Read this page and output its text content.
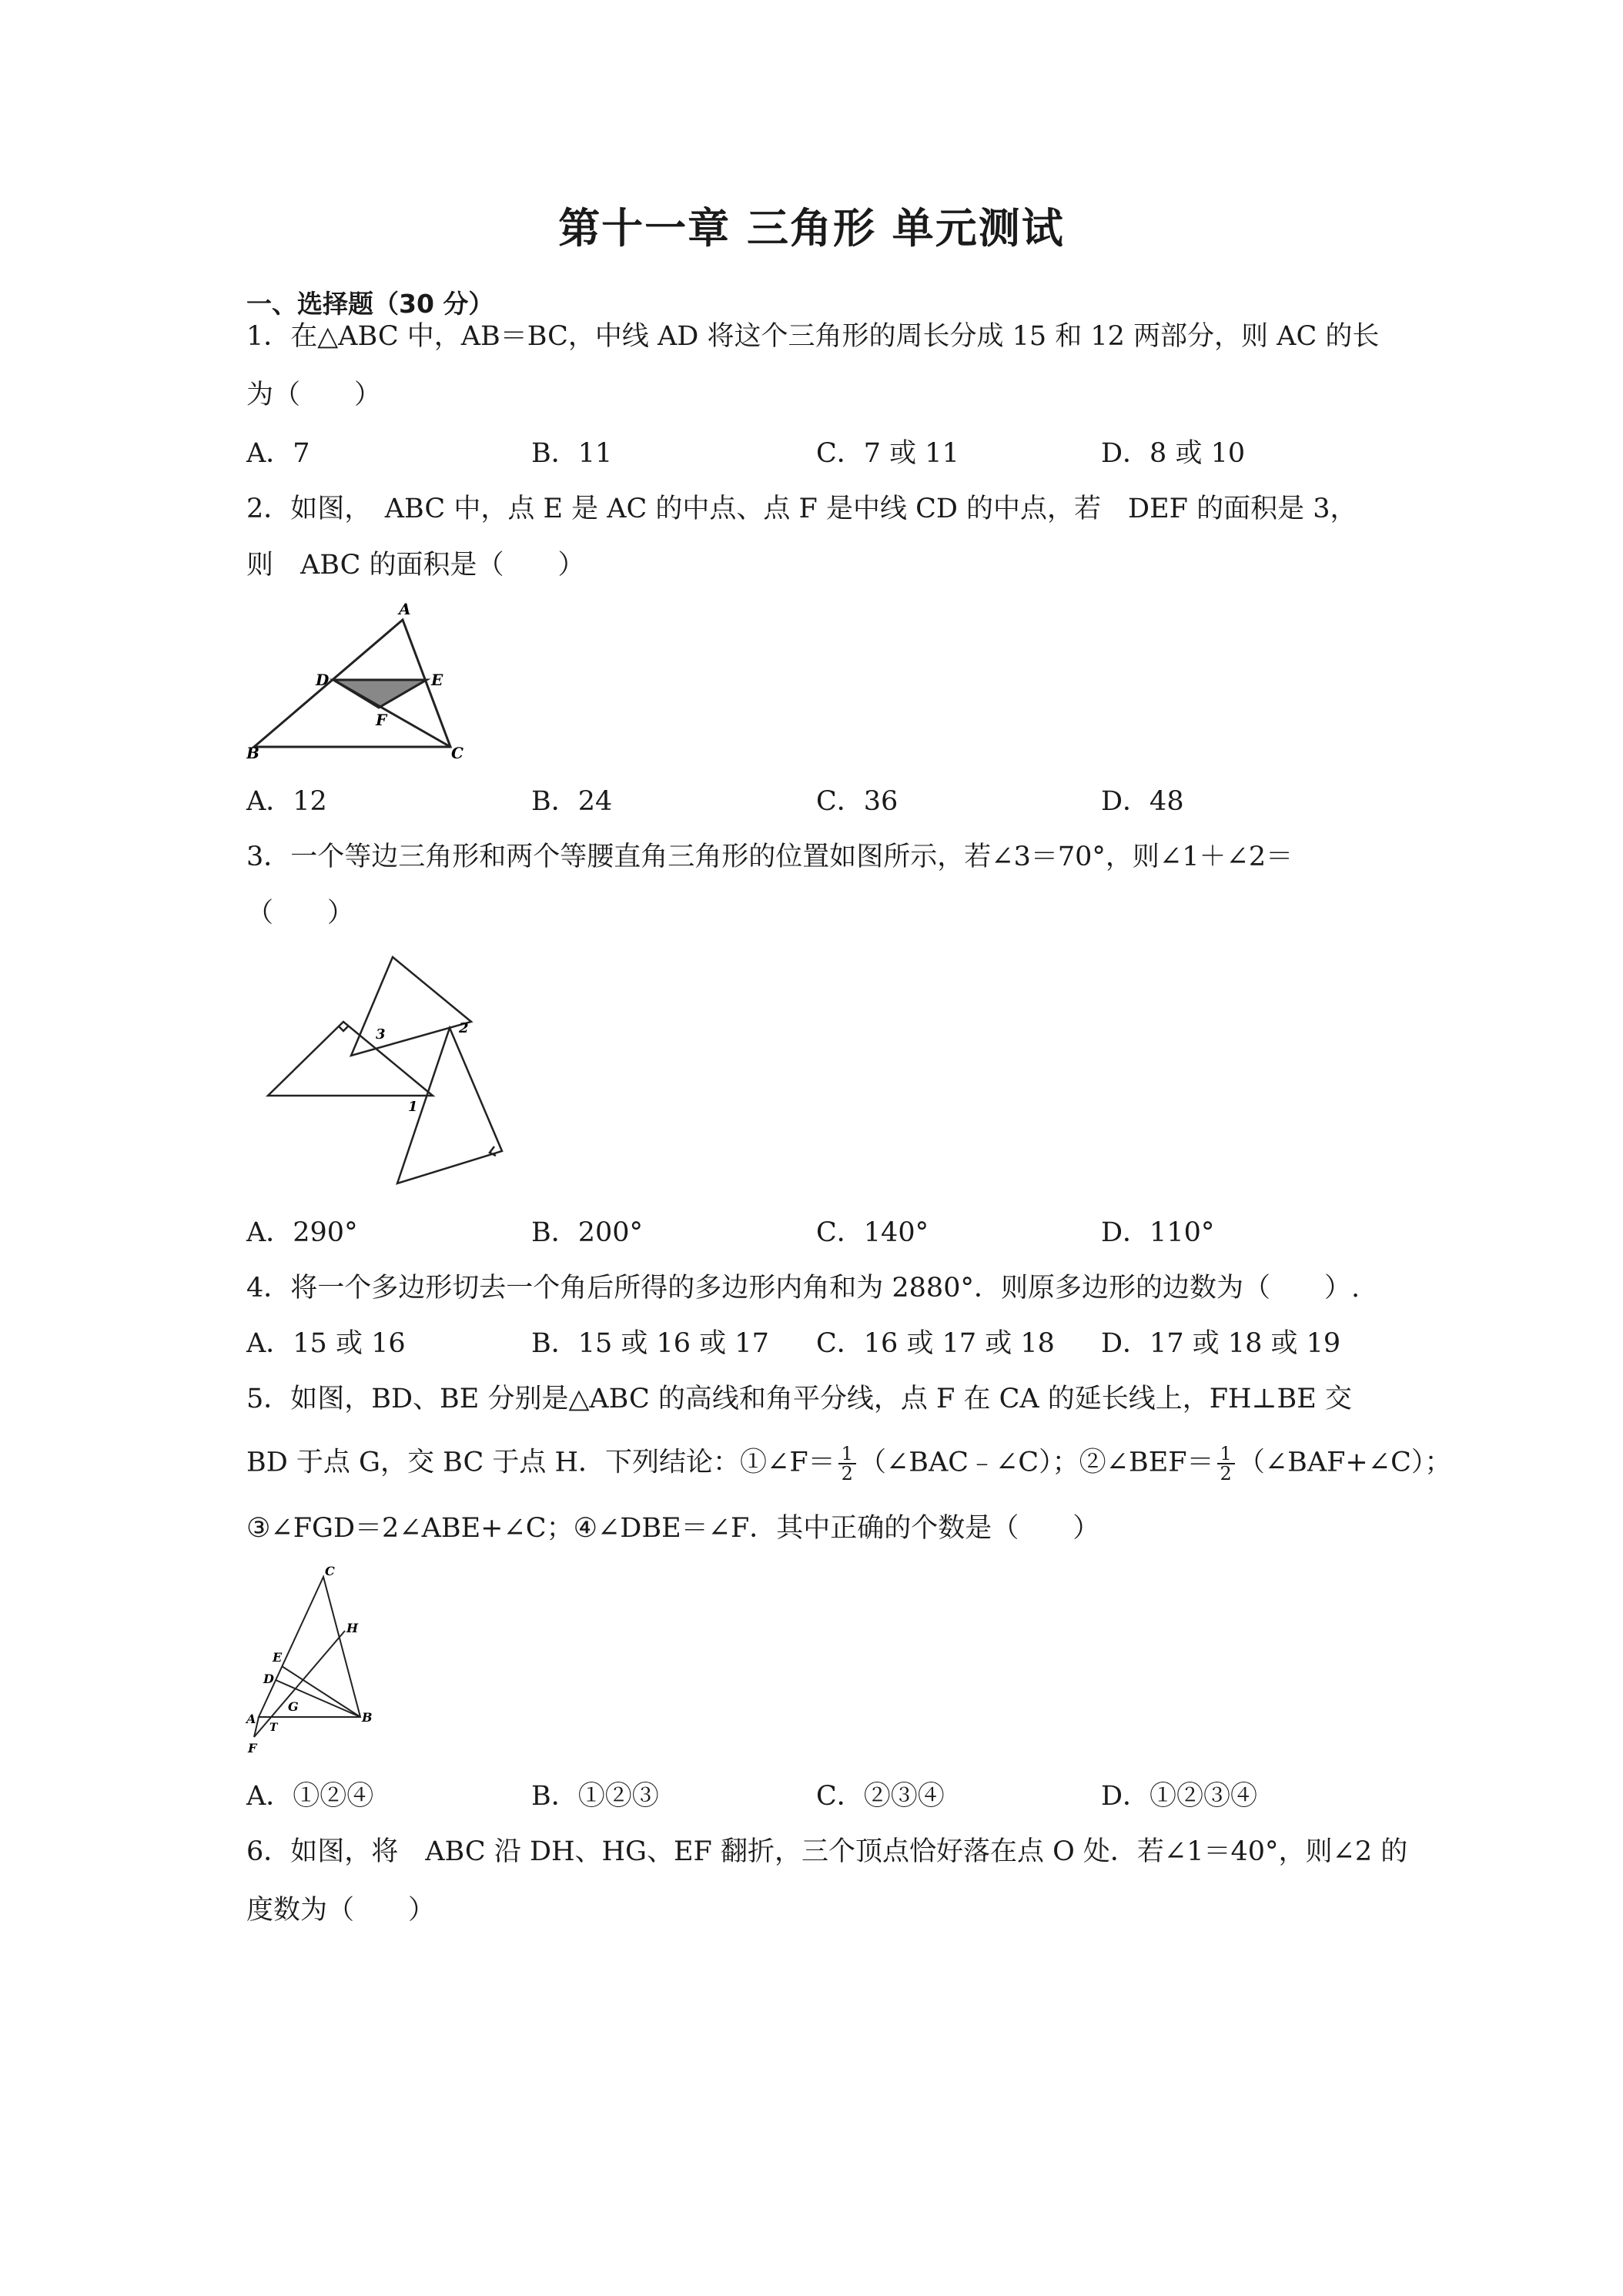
第十一章 三角形 单元测试
一、选择题（30 分）
1．在△ABC 中，AB＝BC，中线 AD 将这个三角形的周长分成 15 和 12 两部分，则 AC 的长
为（　　）
A．7	B．11	C．7 或 11	D．8 或 10
2．如图，　ABC 中，点 E 是 AC 的中点、点 F 是中线 CD 的中点，若　DEF 的面积是 3，
则　ABC 的面积是（　　）
A
D	E
F
B	C
A．12	B．24	C．36	D．48
3．一个等边三角形和两个等腰直角三角形的位置如图所示，若∠3＝70°，则∠1＋∠2＝
（　　）
3	2
1
A．290°	B．200°	C．140°	D．110°
4．将一个多边形切去一个角后所得的多边形内角和为 2880°．则原多边形的边数为（　　）.
A．15 或 16	B．15 或 16 或 17 C．16 或 17 或 18 D．17 或 18 或 19
5．如图，BD、BE 分别是△ABC 的高线和角平分线，点 F 在 CA 的延长线上，FH⊥BE 交
BD 于点 G，交 BC 于点 H．下列结论：①∠F＝ $\frac{1}{2}$ （∠BAC﹣∠C）；②∠BEF＝ $\frac{1}{2}$ （∠BAF+∠C）；
③∠FGD＝2∠ABE+∠C；④∠DBE＝∠F．其中正确的个数是（　　）
C
H
E
D
G
A
T
B
F
A．①②④	B．①②③	C．②③④	D．①②③④
6．如图，将　ABC 沿 DH、HG、EF 翻折，三个顶点恰好落在点 O 处．若∠1＝40°，则∠2 的
度数为（　　）
